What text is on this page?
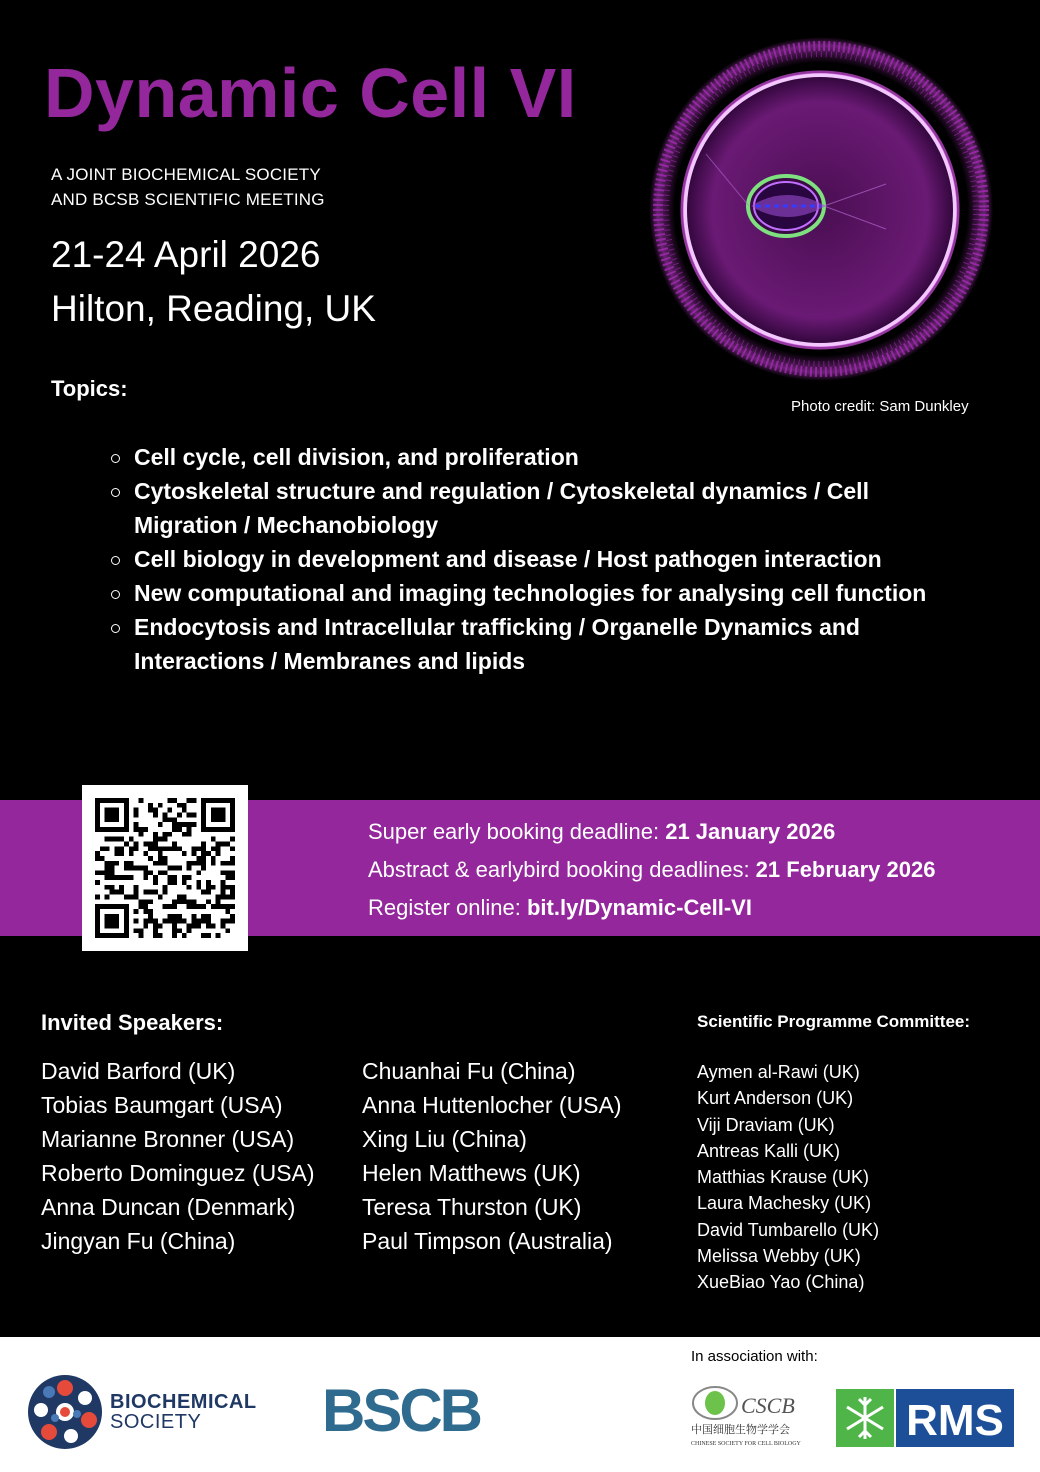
Dynamic Cell VI
A JOINT BIOCHEMICAL SOCIETY
AND BCSB SCIENTIFIC MEETING
21-24 April 2026
Hilton, Reading, UK
Photo credit: Sam Dunkley
Topics:
Cell cycle, cell division, and proliferation
Cytoskeletal structure and regulation / Cytoskeletal dynamics / Cell Migration / Mechanobiology
Cell biology in development and disease / Host pathogen interaction
New computational and imaging technologies for analysing cell function
Endocytosis and Intracellular trafficking / Organelle Dynamics and Interactions / Membranes and lipids
Super early booking deadline: 21 January 2026
Abstract & earlybird booking deadlines: 21 February 2026
Register online: bit.ly/Dynamic-Cell-VI
Invited Speakers:
David Barford (UK)
Tobias Baumgart (USA)
Marianne Bronner (USA)
Roberto Dominguez (USA)
Anna Duncan (Denmark)
Jingyan Fu (China)
Chuanhai Fu (China)
Anna Huttenlocher (USA)
Xing Liu (China)
Helen Matthews (UK)
Teresa Thurston (UK)
Paul Timpson (Australia)
Scientific Programme Committee:
Aymen al-Rawi (UK)
Kurt Anderson (UK)
Viji Draviam (UK)
Antreas Kalli (UK)
Matthias Krause (UK)
Laura Machesky (UK)
David Tumbarello (UK)
Melissa Webby (UK)
XueBiao Yao (China)
In association with:
BIOCHEMICAL
SOCIETY	BSCB	CSCB
中国细胞生物学学会
CHINESE SOCIETY FOR CELL BIOLOGY RMS
